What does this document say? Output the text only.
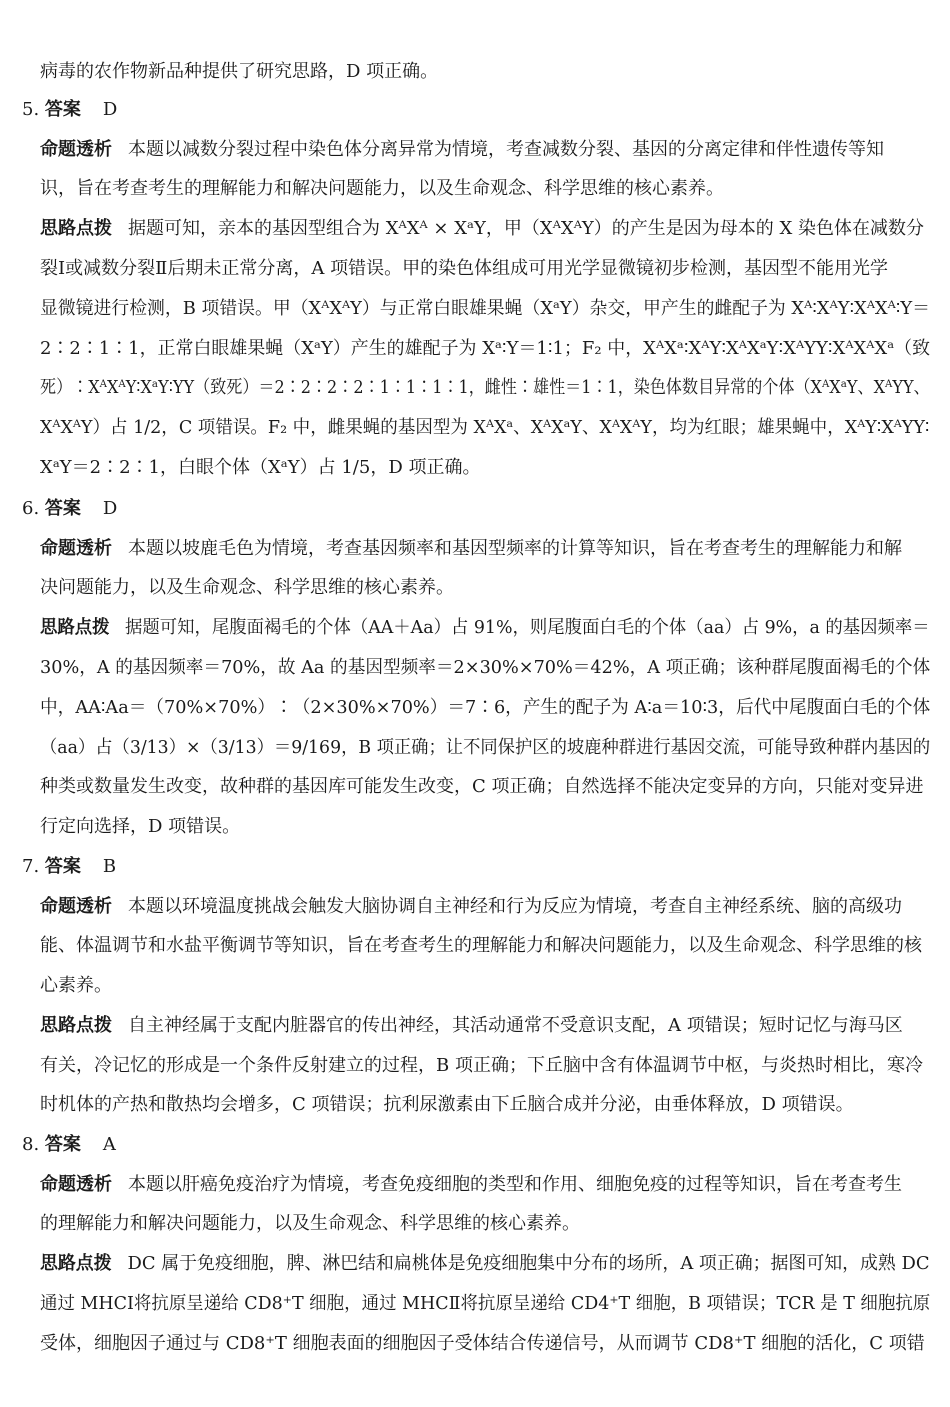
病毒的农作物新品种提供了研究思路，D 项正确。
5. 答案 D
命题透析 本题以减数分裂过程中染色体分离异常为情境，考查减数分裂、基因的分离定律和伴性遗传等知
识，旨在考查考生的理解能力和解决问题能力，以及生命观念、科学思维的核心素养。
思路点拨 据题可知，亲本的基因型组合为 XᴬXᴬ × XᵃY，甲（XᴬXᴬY）的产生是因为母本的 X 染色体在减数分
裂Ⅰ或减数分裂Ⅱ后期未正常分离，A 项错误。甲的染色体组成可用光学显微镜初步检测，基因型不能用光学
显微镜进行检测，B 项错误。甲（XᴬXᴬY）与正常白眼雄果蝇（XᵃY）杂交，甲产生的雌配子为 Xᴬ∶XᴬY∶XᴬXᴬ∶Y＝
2∶2∶1∶1，正常白眼雄果蝇（XᵃY）产生的雄配子为 Xᵃ∶Y＝1∶1；F₂ 中，XᴬXᵃ∶XᴬY∶XᴬXᵃY∶XᴬYY∶XᴬXᴬXᵃ（致
死）∶XᴬXᴬY∶XᵃY∶YY（致死）＝2∶2∶2∶2∶1∶1∶1∶1，雌性∶雄性＝1∶1，染色体数目异常的个体（XᴬXᵃY、XᴬYY、
XᴬXᴬY）占 1/2，C 项错误。F₂ 中，雌果蝇的基因型为 XᴬXᵃ、XᴬXᵃY、XᴬXᴬY，均为红眼；雄果蝇中，XᴬY∶XᴬYY∶
XᵃY＝2∶2∶1，白眼个体（XᵃY）占 1/5，D 项正确。
6. 答案 D
命题透析 本题以坡鹿毛色为情境，考查基因频率和基因型频率的计算等知识，旨在考查考生的理解能力和解
决问题能力，以及生命观念、科学思维的核心素养。
思路点拨 据题可知，尾腹面褐毛的个体（AA＋Aa）占 91%，则尾腹面白毛的个体（aa）占 9%，a 的基因频率＝
30%，A 的基因频率＝70%，故 Aa 的基因型频率＝2×30%×70%＝42%，A 项正确；该种群尾腹面褐毛的个体
中，AA∶Aa＝（70%×70%）∶（2×30%×70%）＝7∶6，产生的配子为 A∶a＝10∶3，后代中尾腹面白毛的个体
（aa）占（3/13）×（3/13）＝9/169，B 项正确；让不同保护区的坡鹿种群进行基因交流，可能导致种群内基因的
种类或数量发生改变，故种群的基因库可能发生改变，C 项正确；自然选择不能决定变异的方向，只能对变异进
行定向选择，D 项错误。
7. 答案 B
命题透析 本题以环境温度挑战会触发大脑协调自主神经和行为反应为情境，考查自主神经系统、脑的高级功
能、体温调节和水盐平衡调节等知识，旨在考查考生的理解能力和解决问题能力，以及生命观念、科学思维的核
心素养。
思路点拨 自主神经属于支配内脏器官的传出神经，其活动通常不受意识支配，A 项错误；短时记忆与海马区
有关，冷记忆的形成是一个条件反射建立的过程，B 项正确；下丘脑中含有体温调节中枢，与炎热时相比，寒冷
时机体的产热和散热均会增多，C 项错误；抗利尿激素由下丘脑合成并分泌，由垂体释放，D 项错误。
8. 答案 A
命题透析 本题以肝癌免疫治疗为情境，考查免疫细胞的类型和作用、细胞免疫的过程等知识，旨在考查考生
的理解能力和解决问题能力，以及生命观念、科学思维的核心素养。
思路点拨 DC 属于免疫细胞，脾、淋巴结和扁桃体是免疫细胞集中分布的场所，A 项正确；据图可知，成熟 DC
通过 MHCⅠ将抗原呈递给 CD8⁺T 细胞，通过 MHCⅡ将抗原呈递给 CD4⁺T 细胞，B 项错误；TCR 是 T 细胞抗原
受体，细胞因子通过与 CD8⁺T 细胞表面的细胞因子受体结合传递信号，从而调节 CD8⁺T 细胞的活化，C 项错
